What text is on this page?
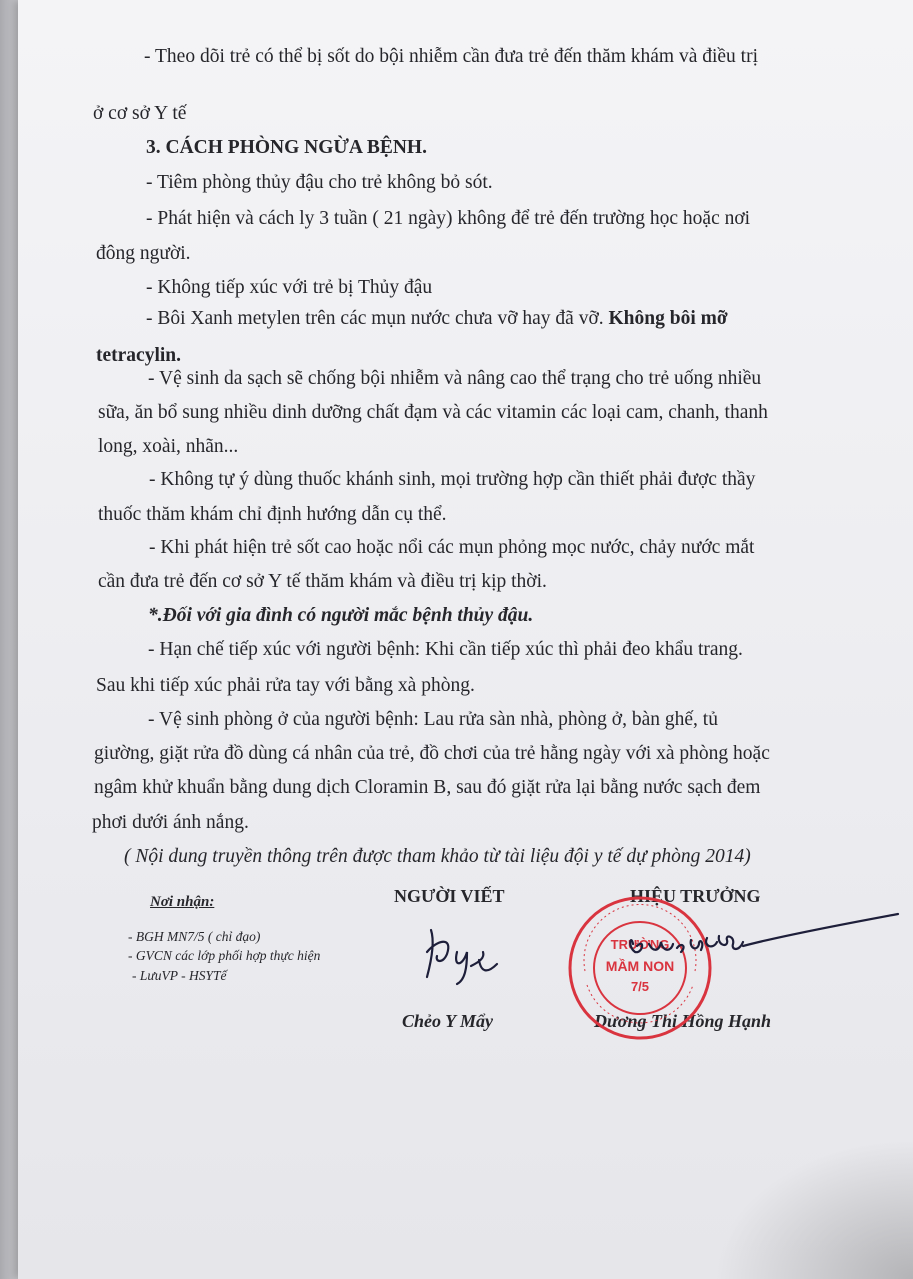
- Theo dõi trẻ có thể bị sốt do bội nhiễm cần đưa trẻ đến thăm khám và điều trị
ở cơ sở Y tế
3. CÁCH PHÒNG NGỪA BỆNH.
- Tiêm phòng thủy đậu cho trẻ không bỏ sót.
- Phát hiện và cách ly 3 tuần ( 21 ngày) không để trẻ đến trường học hoặc nơi
đông người.
- Không tiếp xúc với trẻ bị Thủy đậu
- Bôi Xanh metylen trên các mụn nước chưa vỡ hay đã vỡ. Không bôi mỡ
tetracylin.
- Vệ sinh da sạch sẽ chống bội nhiễm và nâng cao thể trạng cho trẻ uống nhiều
sữa, ăn bổ sung nhiều dinh dưỡng chất đạm và các vitamin các loại cam, chanh, thanh
long, xoài, nhãn...
- Không tự ý dùng thuốc khánh sinh, mọi trường hợp cần thiết phải được thầy
thuốc thăm khám chỉ định hướng dẫn cụ thể.
- Khi phát hiện trẻ sốt cao hoặc nổi các mụn phỏng mọc nước, chảy nước mắt
cần đưa trẻ đến cơ sở Y tế thăm khám và điều trị kịp thời.
*.Đối với gia đình có người mắc bệnh thủy đậu.
- Hạn chế tiếp xúc với người bệnh: Khi cần tiếp xúc thì phải đeo khẩu trang.
Sau khi tiếp xúc phải rửa tay với bằng xà phòng.
- Vệ sinh phòng ở của người bệnh: Lau rửa sàn nhà, phòng ở, bàn ghế, tủ
giường, giặt rửa đồ dùng cá nhân của trẻ, đồ chơi của trẻ hằng ngày với xà phòng hoặc
ngâm khử khuẩn bằng dung dịch Cloramin B, sau đó giặt rửa lại bằng nước sạch đem
phơi dưới ánh nắng.
( Nội dung truyền thông trên được tham khảo từ tài liệu đội y tế dự phòng 2014)
Nơi nhận:
- BGH MN7/5 ( chỉ đạo)
- GVCN các lớp phối hợp thực hiện
- LưuVP - HSYTế
NGƯỜI VIẾT
Chẻo Y Mẩy
HIỆU TRƯỞNG
Dương Thị Hồng Hạnh
TRƯỜNG
MẦM NON
7/5
